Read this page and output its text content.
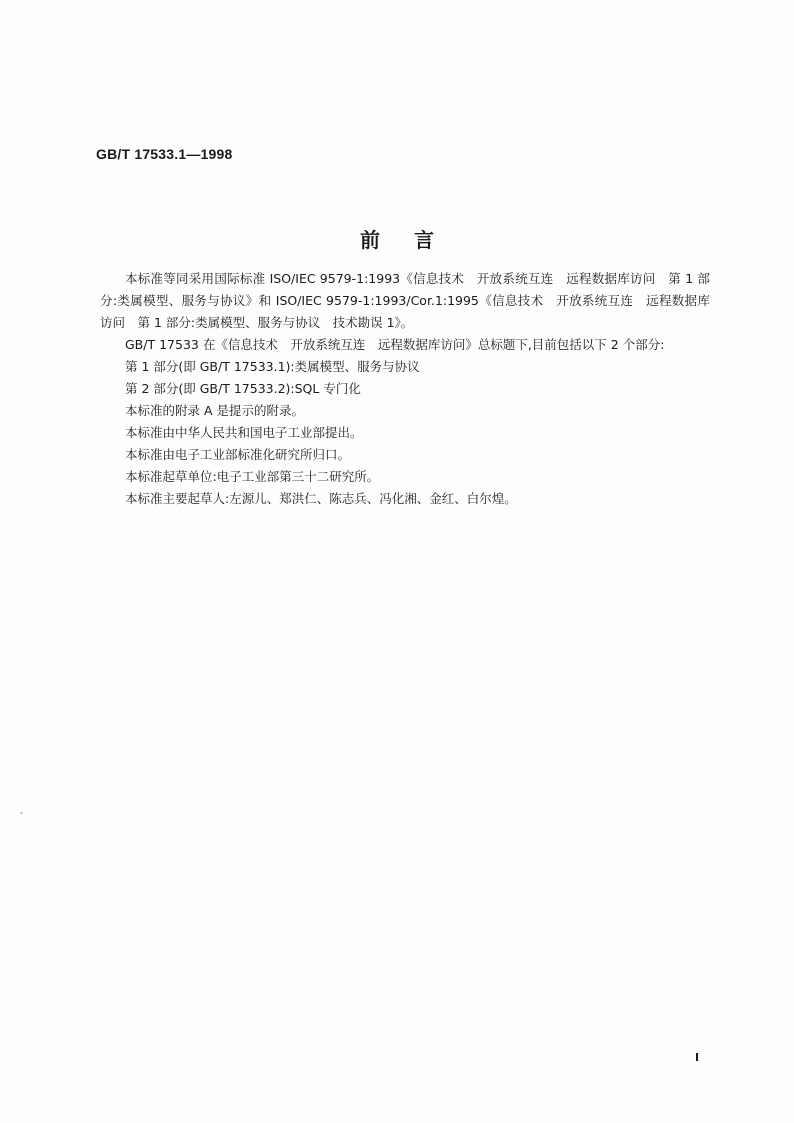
GB/T 17533.1—1998
前言

本标准等同采用国际标准 ISO/IEC 9579-1:1993《信息技术　开放系统互连　远程数据库访问　第 1 部分:类属模型、服务与协议》和 ISO/IEC 9579-1:1993/Cor.1:1995《信息技术　开放系统互连　远程数据库访问　第 1 部分:类属模型、服务与协议　技术勘误 1》。

GB/T 17533 在《信息技术　开放系统互连　远程数据库访问》总标题下,目前包括以下 2 个部分:

第 1 部分(即 GB/T 17533.1):类属模型、服务与协议

第 2 部分(即 GB/T 17533.2):SQL 专门化

本标准的附录 A 是提示的附录。

本标准由中华人民共和国电子工业部提出。

本标准由电子工业部标准化研究所归口。

本标准起草单位:电子工业部第三十二研究所。

本标准主要起草人:左源儿、郑洪仁、陈志兵、冯化湘、金红、白尔煌。

I
